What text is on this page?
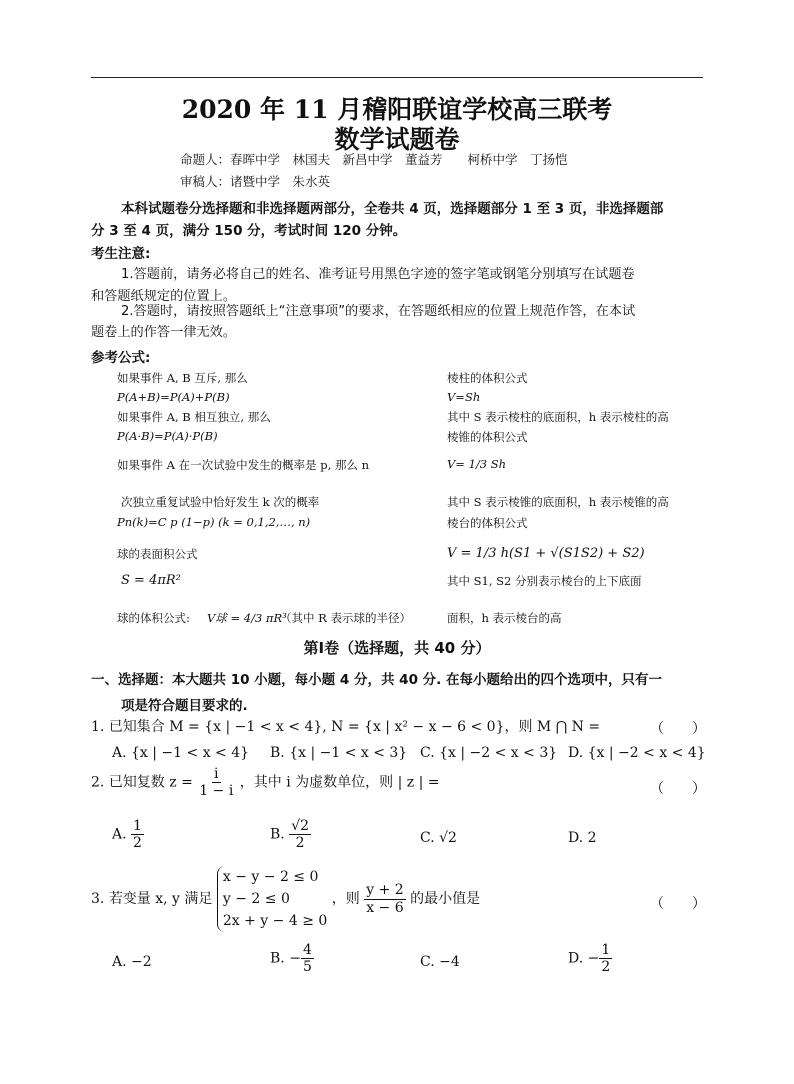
2020 年 11 月稽阳联谊学校高三联考
数学试题卷
命题人：春晖中学　林国夫　新昌中学　董益芳　　柯桥中学　丁扬恺
审稿人：诸暨中学　朱水英
本科试题卷分选择题和非选择题两部分，全卷共 4 页，选择题部分 1 至 3 页，非选择题部
分 3 至 4 页，满分 150 分，考试时间 120 分钟。
考生注意:
1.答题前，请务必将自己的姓名、准考证号用黑色字迹的签字笔或钢笔分别填写在试题卷
和答题纸规定的位置上。
2.答题时，请按照答题纸上“注意事项”的要求，在答题纸相应的位置上规范作答，在本试
题卷上的作答一律无效。
参考公式:
如果事件 A, B 互斥, 那么
P(A+B)=P(A)+P(B)
如果事件 A, B 相互独立, 那么
P(A·B)=P(A)·P(B)
如果事件 A 在一次试验中发生的概率是 p, 那么 n
次独立重复试验中恰好发生 k 次的概率
Pn(k)=C p (1−p) (k = 0,1,2,…, n)
球的表面积公式
S = 4πR²
球的体积公式: V球 = 4/3 πR³
（其中 R 表示球的半径）
棱柱的体积公式
V=Sh
其中 S 表示棱柱的底面积，h 表示棱柱的高
棱锥的体积公式
V= 1/3 Sh
其中 S 表示棱锥的底面积，h 表示棱锥的高
棱台的体积公式
V = 1/3 h(S1 + √(S1S2) + S2)
其中 S1, S2 分别表示棱台的上下底面
面积，h 表示棱台的高
第Ⅰ卷（选择题，共 40 分）
一、选择题：本大题共 10 小题，每小题 4 分，共 40 分. 在每小题给出的四个选项中，只有一
项是符合题目要求的.
1. 已知集合 M = {x | −1 < x < 4}, N = {x | x² − x − 6 < 0}，则 M ⋂ N =	（　　）
A. {x | −1 < x < 4} B. {x | −1 < x < 3} C. {x | −2 < x < 3} D. {x | −2 < x < 4}
2. 已知复数 $z = \frac{i}{1 - i}$ ，其中 i 为虚数单位，则 | z | =	（　　）
A. $\frac{1}{2}$	B. $\frac{√2}{2}$	C. √2	D. 2
3. 若变量 x, y 满足
x − y − 2 ≤ 0
y − 2 ≤ 0
2x + y − 4 ≥ 0
，则 $\frac{y + 2}{x - 6}$ 的最小值是	（　　）
A. −2	B. − $\frac{4}{5}$	C. −4	D. − $\frac{1}{2}$
